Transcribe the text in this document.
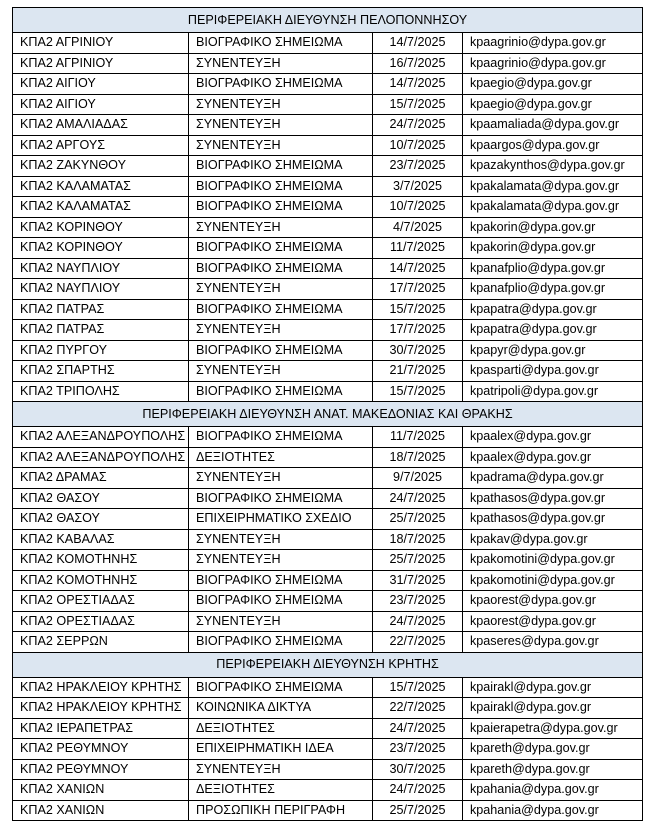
ΠΕΡΙΦΕΡΕΙΑΚΗ ΔΙΕΥΘΥΝΣΗ ΠΕΛΟΠΟΝΝΗΣΟΥ			
ΚΠΑ2 ΑΓΡΙΝΙΟΥ	ΒΙΟΓΡΑΦΙΚΟ ΣΗΜΕΙΩΜΑ	14/7/2025	kpaagrinio@dypa.gov.gr
ΚΠΑ2 ΑΓΡΙΝΙΟΥ	ΣΥΝΕΝΤΕΥΞΗ	16/7/2025	kpaagrinio@dypa.gov.gr
ΚΠΑ2 ΑΙΓΙΟΥ	ΒΙΟΓΡΑΦΙΚΟ ΣΗΜΕΙΩΜΑ	14/7/2025	kpaegio@dypa.gov.gr
ΚΠΑ2 ΑΙΓΙΟΥ	ΣΥΝΕΝΤΕΥΞΗ	15/7/2025	kpaegio@dypa.gov.gr
ΚΠΑ2 ΑΜΑΛΙΑΔΑΣ	ΣΥΝΕΝΤΕΥΞΗ	24/7/2025	kpaamaliada@dypa.gov.gr
ΚΠΑ2 ΑΡΓΟΥΣ	ΣΥΝΕΝΤΕΥΞΗ	10/7/2025	kpaargos@dypa.gov.gr
ΚΠΑ2 ΖΑΚΥΝΘΟΥ	ΒΙΟΓΡΑΦΙΚΟ ΣΗΜΕΙΩΜΑ	23/7/2025	kpazakynthos@dypa.gov.gr
ΚΠΑ2 ΚΑΛΑΜΑΤΑΣ	ΒΙΟΓΡΑΦΙΚΟ ΣΗΜΕΙΩΜΑ	3/7/2025	kpakalamata@dypa.gov.gr
ΚΠΑ2 ΚΑΛΑΜΑΤΑΣ	ΒΙΟΓΡΑΦΙΚΟ ΣΗΜΕΙΩΜΑ	10/7/2025	kpakalamata@dypa.gov.gr
ΚΠΑ2 ΚΟΡΙΝΘΟΥ	ΣΥΝΕΝΤΕΥΞΗ	4/7/2025	kpakorin@dypa.gov.gr
ΚΠΑ2 ΚΟΡΙΝΘΟΥ	ΒΙΟΓΡΑΦΙΚΟ ΣΗΜΕΙΩΜΑ	11/7/2025	kpakorin@dypa.gov.gr
ΚΠΑ2 ΝΑΥΠΛΙΟΥ	ΒΙΟΓΡΑΦΙΚΟ ΣΗΜΕΙΩΜΑ	14/7/2025	kpanafplio@dypa.gov.gr
ΚΠΑ2 ΝΑΥΠΛΙΟΥ	ΣΥΝΕΝΤΕΥΞΗ	17/7/2025	kpanafplio@dypa.gov.gr
ΚΠΑ2 ΠΑΤΡΑΣ	ΒΙΟΓΡΑΦΙΚΟ ΣΗΜΕΙΩΜΑ	15/7/2025	kpapatra@dypa.gov.gr
ΚΠΑ2 ΠΑΤΡΑΣ	ΣΥΝΕΝΤΕΥΞΗ	17/7/2025	kpapatra@dypa.gov.gr
ΚΠΑ2 ΠΥΡΓΟΥ	ΒΙΟΓΡΑΦΙΚΟ ΣΗΜΕΙΩΜΑ	30/7/2025	kpapyr@dypa.gov.gr
ΚΠΑ2 ΣΠΑΡΤΗΣ	ΣΥΝΕΝΤΕΥΞΗ	21/7/2025	kpasparti@dypa.gov.gr
ΚΠΑ2 ΤΡΙΠΟΛΗΣ	ΒΙΟΓΡΑΦΙΚΟ ΣΗΜΕΙΩΜΑ	15/7/2025	kpatripoli@dypa.gov.gr
ΠΕΡΙΦΕΡΕΙΑΚΗ ΔΙΕΥΘΥΝΣΗ ΑΝΑΤ. ΜΑΚΕΔΟΝΙΑΣ ΚΑΙ ΘΡΑΚΗΣ			
ΚΠΑ2 ΑΛΕΞΑΝΔΡΟΥΠΟΛΗΣ	ΒΙΟΓΡΑΦΙΚΟ ΣΗΜΕΙΩΜΑ	11/7/2025	kpaalex@dypa.gov.gr
ΚΠΑ2 ΑΛΕΞΑΝΔΡΟΥΠΟΛΗΣ	ΔΕΞΙΟΤΗΤΕΣ	18/7/2025	kpaalex@dypa.gov.gr
ΚΠΑ2 ΔΡΑΜΑΣ	ΣΥΝΕΝΤΕΥΞΗ	9/7/2025	kpadrama@dypa.gov.gr
ΚΠΑ2 ΘΑΣΟΥ	ΒΙΟΓΡΑΦΙΚΟ ΣΗΜΕΙΩΜΑ	24/7/2025	kpathasos@dypa.gov.gr
ΚΠΑ2 ΘΑΣΟΥ	ΕΠΙΧΕΙΡΗΜΑΤΙΚΟ ΣΧΕΔΙΟ	25/7/2025	kpathasos@dypa.gov.gr
ΚΠΑ2 ΚΑΒΑΛΑΣ	ΣΥΝΕΝΤΕΥΞΗ	18/7/2025	kpakav@dypa.gov.gr
ΚΠΑ2 ΚΟΜΟΤΗΝΗΣ	ΣΥΝΕΝΤΕΥΞΗ	25/7/2025	kpakomotini@dypa.gov.gr
ΚΠΑ2 ΚΟΜΟΤΗΝΗΣ	ΒΙΟΓΡΑΦΙΚΟ ΣΗΜΕΙΩΜΑ	31/7/2025	kpakomotini@dypa.gov.gr
ΚΠΑ2 ΟΡΕΣΤΙΑΔΑΣ	ΒΙΟΓΡΑΦΙΚΟ ΣΗΜΕΙΩΜΑ	23/7/2025	kpaorest@dypa.gov.gr
ΚΠΑ2 ΟΡΕΣΤΙΑΔΑΣ	ΣΥΝΕΝΤΕΥΞΗ	24/7/2025	kpaorest@dypa.gov.gr
ΚΠΑ2 ΣΕΡΡΩΝ	ΒΙΟΓΡΑΦΙΚΟ ΣΗΜΕΙΩΜΑ	22/7/2025	kpaseres@dypa.gov.gr
ΠΕΡΙΦΕΡΕΙΑΚΗ ΔΙΕΥΘΥΝΣΗ ΚΡΗΤΗΣ			
ΚΠΑ2 ΗΡΑΚΛΕΙΟΥ ΚΡΗΤΗΣ	ΒΙΟΓΡΑΦΙΚΟ ΣΗΜΕΙΩΜΑ	15/7/2025	kpairakl@dypa.gov.gr
ΚΠΑ2 ΗΡΑΚΛΕΙΟΥ ΚΡΗΤΗΣ	ΚΟΙΝΩΝΙΚΑ ΔΙΚΤΥΑ	22/7/2025	kpairakl@dypa.gov.gr
ΚΠΑ2 ΙΕΡΑΠΕΤΡΑΣ	ΔΕΞΙΟΤΗΤΕΣ	24/7/2025	kpaierapetra@dypa.gov.gr
ΚΠΑ2 ΡΕΘΥΜΝΟΥ	ΕΠΙΧΕΙΡΗΜΑΤΙΚΗ ΙΔΕΑ	23/7/2025	kpareth@dypa.gov.gr
ΚΠΑ2 ΡΕΘΥΜΝΟΥ	ΣΥΝΕΝΤΕΥΞΗ	30/7/2025	kpareth@dypa.gov.gr
ΚΠΑ2 ΧΑΝΙΩΝ	ΔΕΞΙΟΤΗΤΕΣ	24/7/2025	kpahania@dypa.gov.gr
ΚΠΑ2 ΧΑΝΙΩΝ	ΠΡΟΣΩΠΙΚΗ ΠΕΡΙΓΡΑΦΗ	25/7/2025	kpahania@dypa.gov.gr
